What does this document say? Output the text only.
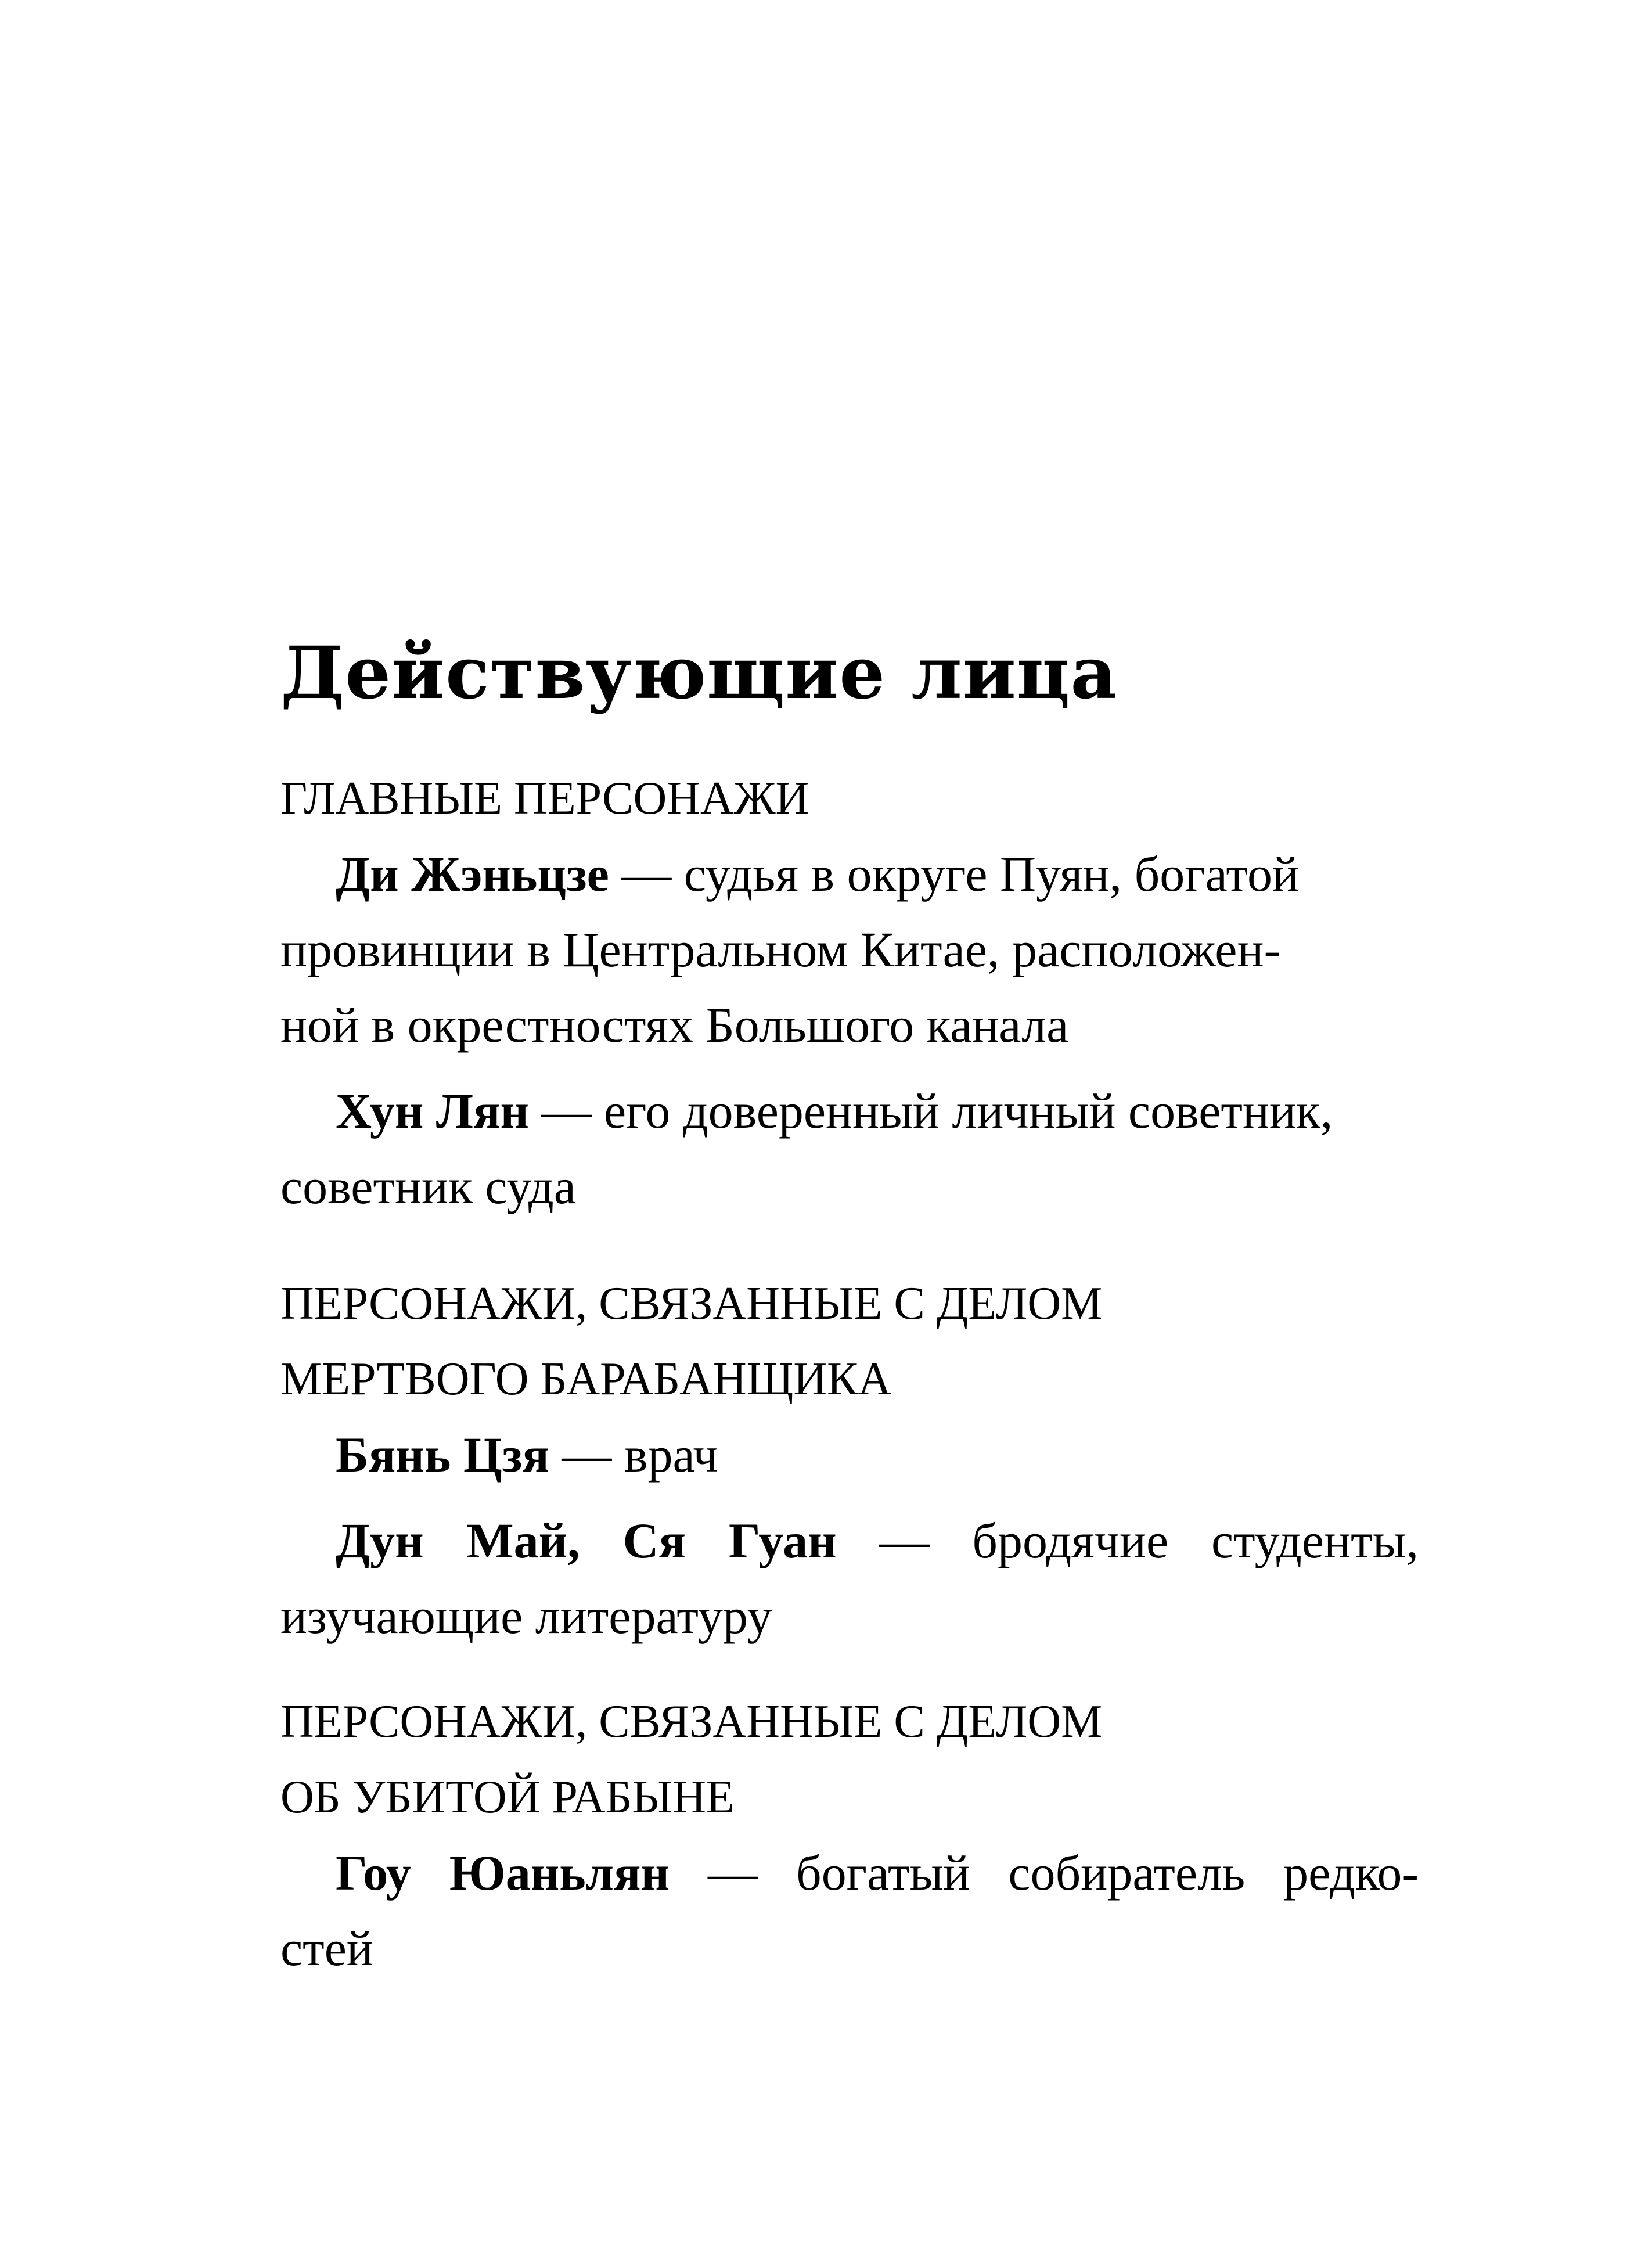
Действующие лица
ГЛАВНЫЕ ПЕРСОНАЖИ
Ди Жэньцзе — судья в округе Пуян, богатой
провинции в Центральном Китае, расположен-
ной в окрестностях Большого канала
Хун Лян — его доверенный личный советник,
советник суда
ПЕРСОНАЖИ, СВЯЗАННЫЕ С ДЕЛОМ
МЕРТВОГО БАРАБАНЩИКА
Бянь Цзя — врач
Дун Май, Ся Гуан — бродячие студенты,
изучающие литературу
ПЕРСОНАЖИ, СВЯЗАННЫЕ С ДЕЛОМ
ОБ УБИТОЙ РАБЫНЕ
Гоу Юаньлян — богатый собиратель редко-
стей
